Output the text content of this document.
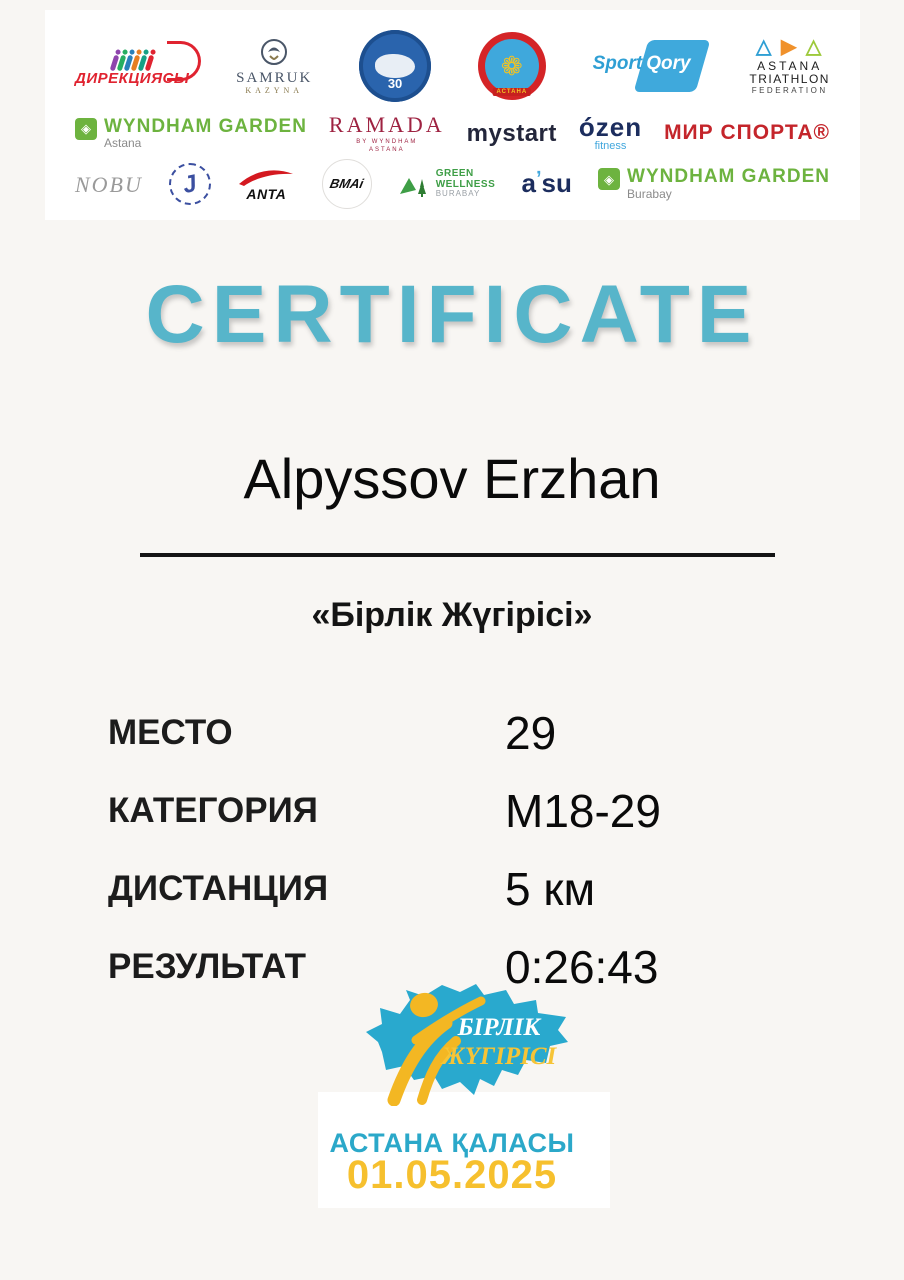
ДИРЕКЦИЯСЫ	SAMRUK
KAZYNA	30
❁
АСТАНА
Sport Qory
△ ▶ △
ASTANA
TRIATHLON
FEDERATION
◈ WYNDHAM GARDEN
Astana
RAMADA
BY WYNDHAM
ASTANA
mystart ózen
fitness
МИР СПОРТА®
NOBU J	ANTA
BMAi
GREEN
WELLNESS
BURABAY	$a^ʼsu$	◈ WYNDHAM GARDEN
Burabay
CERTIFICATE
Alpyssov Erzhan
«Бірлік Жүгірісі»
МЕСТО	29
КАТЕГОРИЯ	М18-29
ДИСТАНЦИЯ	5 км
РЕЗУЛЬТАТ	0:26:43
БІРЛІК
ЖҮГІРІСІ
АСТАНА ҚАЛАСЫ
01.05.2025
